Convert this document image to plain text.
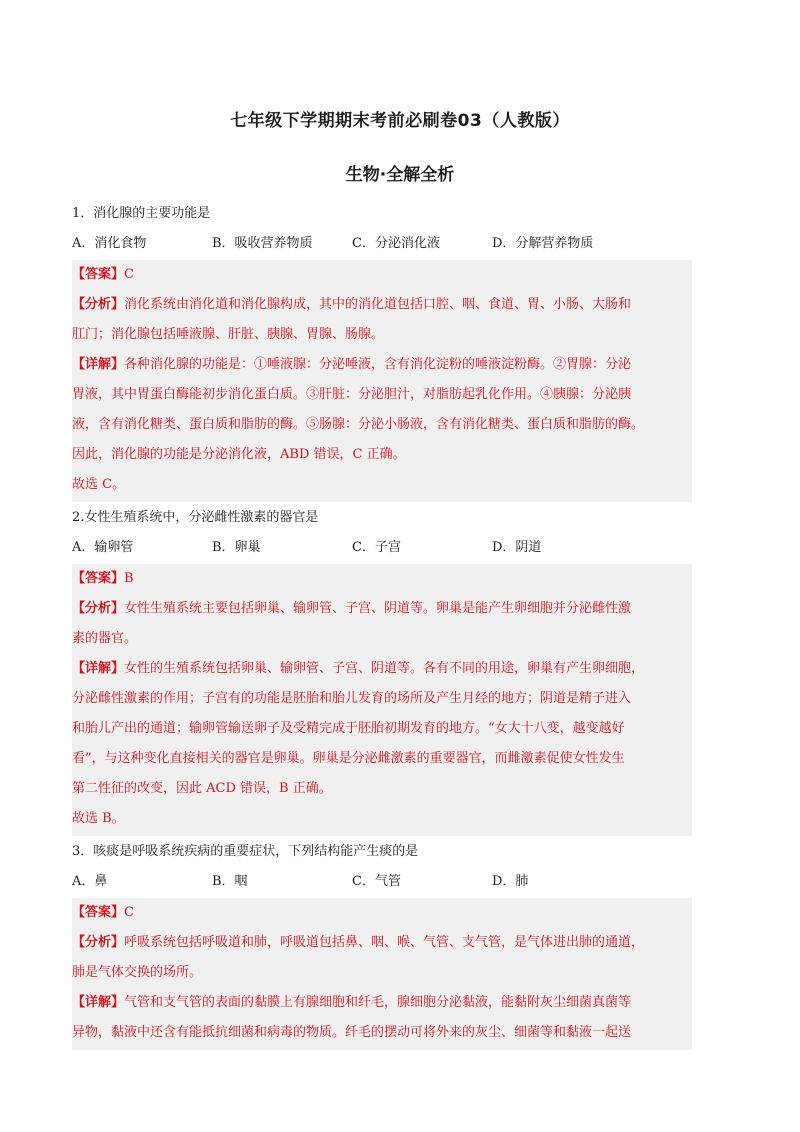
七年级下学期期末考前必刷卷03（人教版）
生物·全解全析
1．消化腺的主要功能是
A．消化食物	B．吸收营养物质	C．分泌消化液	D．分解营养物质
【答案】C
【分析】消化系统由消化道和消化腺构成，其中的消化道包括口腔、咽、食道、胃、小肠、大肠和
肛门；消化腺包括唾液腺、肝脏、胰腺、胃腺、肠腺。
【详解】各种消化腺的功能是：①唾液腺：分泌唾液，含有消化淀粉的唾液淀粉酶。②胃腺：分泌
胃液，其中胃蛋白酶能初步消化蛋白质。③肝脏：分泌胆汁，对脂肪起乳化作用。④胰腺：分泌胰
液，含有消化糖类、蛋白质和脂肪的酶。⑤肠腺：分泌小肠液，含有消化糖类、蛋白质和脂肪的酶。
因此，消化腺的功能是分泌消化液，ABD 错误，C 正确。
故选 C。
2.女性生殖系统中，分泌雌性激素的器官是
A．输卵管	B．卵巢	C．子宫	D．阴道
【答案】B
【分析】女性生殖系统主要包括卵巢、输卵管、子宫、阴道等。卵巢是能产生卵细胞并分泌雌性激
素的器官。
【详解】女性的生殖系统包括卵巢、输卵管、子宫、阴道等。各有不同的用途，卵巢有产生卵细胞，
分泌雌性激素的作用；子宫有的功能是胚胎和胎儿发育的场所及产生月经的地方；阴道是精子进入
和胎儿产出的通道；输卵管输送卵子及受精完成于胚胎初期发育的地方。“女大十八变，越变越好
看”，与这种变化直接相关的器官是卵巢。卵巢是分泌雌激素的重要器官，而雌激素促使女性发生
第二性征的改变，因此 ACD 错误，B 正确。
故选 B。
3．咳痰是呼吸系统疾病的重要症状，下列结构能产生痰的是
A．鼻	B．咽	C．气管	D．肺
【答案】C
【分析】呼吸系统包括呼吸道和肺，呼吸道包括鼻、咽、喉、气管、支气管，是气体进出肺的通道，
肺是气体交换的场所。
【详解】气管和支气管的表面的黏膜上有腺细胞和纤毛，腺细胞分泌黏液，能黏附灰尘细菌真菌等
异物，黏液中还含有能抵抗细菌和病毒的物质。纤毛的摆动可将外来的灰尘、细菌等和黏液一起送
